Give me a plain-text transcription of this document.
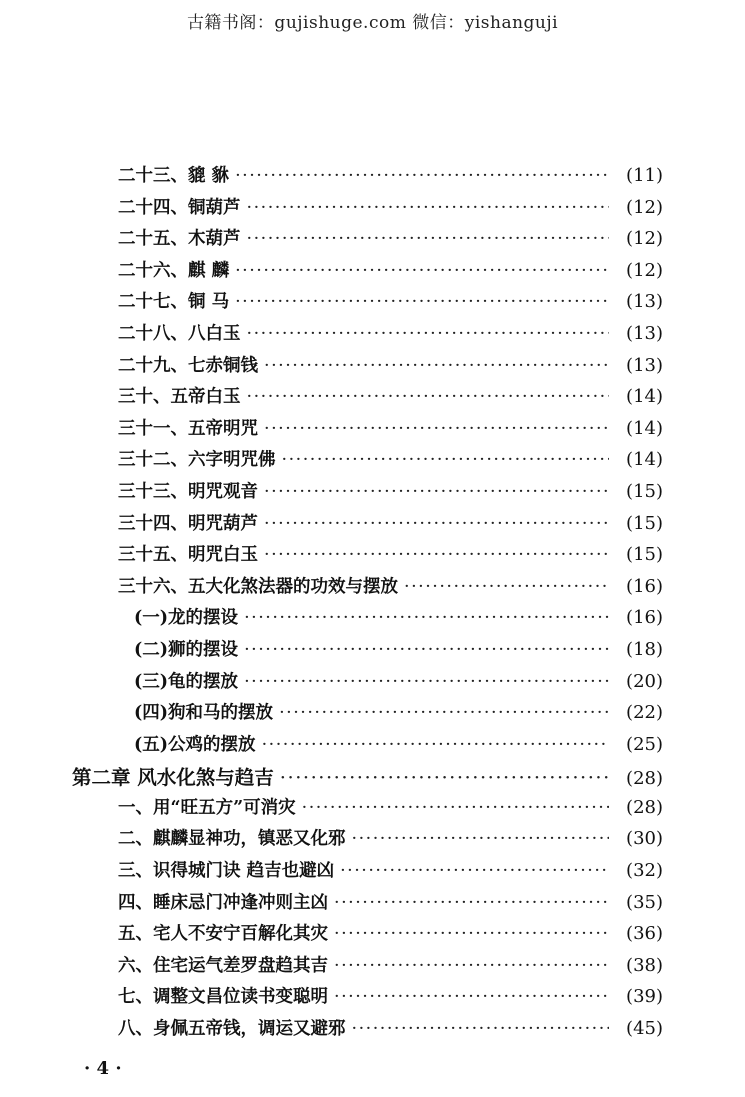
古籍书阁：gujishuge.com 微信：yishanguji
二十三、貔 貅 ·····	(11)
二十四、铜葫芦 ·····	(12)
二十五、木葫芦 ·····	(12)
二十六、麒 麟 ·····	(12)
二十七、铜 马 ·····	(13)
二十八、八白玉 ·····	(13)
二十九、七赤铜钱 ·····	(13)
三十、五帝白玉 ·····	(14)
三十一、五帝明咒 ·····	(14)
三十二、六字明咒佛 ·····	(14)
三十三、明咒观音 ·····	(15)
三十四、明咒葫芦 ·····	(15)
三十五、明咒白玉 ·····	(15)
三十六、五大化煞法器的功效与摆放 ·····	(16)
(一)龙的摆设 ·····	(16)
(二)狮的摆设 ·····	(18)
(三)龟的摆放 ·····	(20)
(四)狗和马的摆放 ·····	(22)
(五)公鸡的摆放 ·····	(25)
第二章 风水化煞与趋吉 ·····	(28)
一、用“旺五方”可消灾 ·····	(28)
二、麒麟显神功，镇恶又化邪 ·····	(30)
三、识得城门诀 趋吉也避凶 ·····	(32)
四、睡床忌门冲逢冲则主凶 ·····	(35)
五、宅人不安宁百解化其灾 ·····	(36)
六、住宅运气差罗盘趋其吉 ·····	(38)
七、调整文昌位读书变聪明 ·····	(39)
八、身佩五帝钱，调运又避邪 ·····	(45)
· 4 ·
